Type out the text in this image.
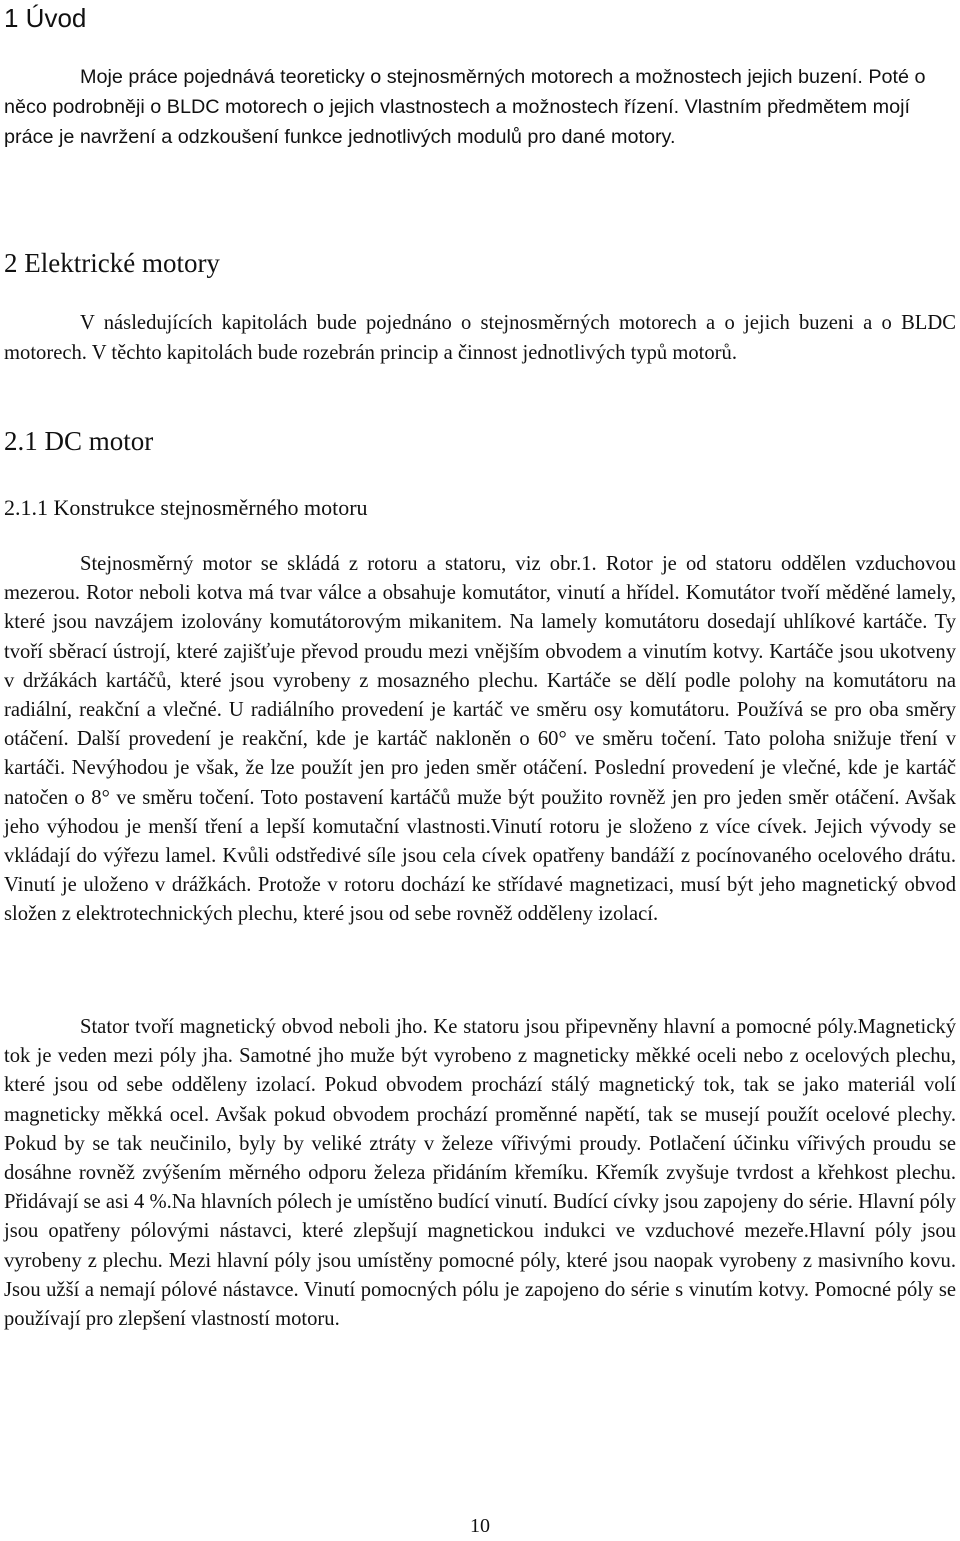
1 Úvod

Moje práce pojednává teoreticky o stejnosměrných motorech a možnostech jejich buzení. Poté o něco podrobněji o BLDC motorech o jejich vlastnostech a možnostech řízení. Vlastním předmětem mojí práce je navržení a odzkoušení funkce jednotlivých modulů pro dané motory.

2 Elektrické motory

V následujících kapitolách bude pojednáno o stejnosměrných motorech a o jejich buzeni a o BLDC motorech. V těchto kapitolách bude rozebrán princip a činnost jednotlivých typů motorů.

2.1 DC motor
2.1.1 Konstrukce stejnosměrného motoru

Stejnosměrný motor se skládá z rotoru a statoru, viz obr.1. Rotor je od statoru oddělen vzduchovou mezerou. Rotor neboli kotva má tvar válce a obsahuje komutátor, vinutí a hřídel. Komutátor tvoří měděné lamely, které jsou navzájem izolovány komutátorovým mikanitem. Na lamely komutátoru dosedají uhlíkové kartáče. Ty tvoří sběrací ústrojí, které zajišťuje převod proudu mezi vnějším obvodem a vinutím kotvy. Kartáče jsou ukotveny v držákách kartáčů, které jsou vyrobeny z mosazného plechu. Kartáče se dělí podle polohy na komutátoru na radiální, reakční a vlečné. U radiálního provedení je kartáč ve směru osy komutátoru. Používá se pro oba směry otáčení. Další provedení je reakční, kde je kartáč nakloněn o 60° ve směru točení. Tato poloha snižuje tření v kartáči. Nevýhodou je však, že lze použít jen pro jeden směr otáčení. Poslední provedení je vlečné, kde je kartáč natočen o 8° ve směru točení. Toto postavení kartáčů muže být použito rovněž jen pro jeden směr otáčení. Avšak jeho výhodou je menší tření a lepší komutační vlastnosti.Vinutí rotoru je složeno z více cívek. Jejich vývody se vkládají do výřezu lamel. Kvůli odstředivé síle jsou cela cívek opatřeny bandáží z pocínovaného ocelového drátu. Vinutí je uloženo v drážkách. Protože v rotoru dochází ke střídavé magnetizaci, musí být jeho magnetický obvod složen z elektrotechnických plechu, které jsou od sebe rovněž odděleny izolací.

Stator tvoří magnetický obvod neboli jho. Ke statoru jsou připevněny hlavní a pomocné póly.Magnetický tok je veden mezi póly jha. Samotné jho muže být vyrobeno z magneticky měkké oceli nebo z ocelových plechu, které jsou od sebe odděleny izolací. Pokud obvodem prochází stálý magnetický tok, tak se jako materiál volí magneticky měkká ocel. Avšak pokud obvodem prochází proměnné napětí, tak se musejí použít ocelové plechy. Pokud by se tak neučinilo, byly by veliké ztráty v železe vířivými proudy. Potlačení účinku vířivých proudu se dosáhne rovněž zvýšením měrného odporu železa přidáním křemíku. Křemík zvyšuje tvrdost a křehkost plechu. Přidávají se asi 4 %.Na hlavních pólech je umístěno budící vinutí. Budící cívky jsou zapojeny do série. Hlavní póly jsou opatřeny pólovými nástavci, které zlepšují magnetickou indukci ve vzduchové mezeře.Hlavní póly jsou vyrobeny z plechu. Mezi hlavní póly jsou umístěny pomocné póly, které jsou naopak vyrobeny z masivního kovu. Jsou užší a nemají pólové nástavce. Vinutí pomocných pólu je zapojeno do série s vinutím kotvy. Pomocné póly se používají pro zlepšení vlastností motoru.

10
